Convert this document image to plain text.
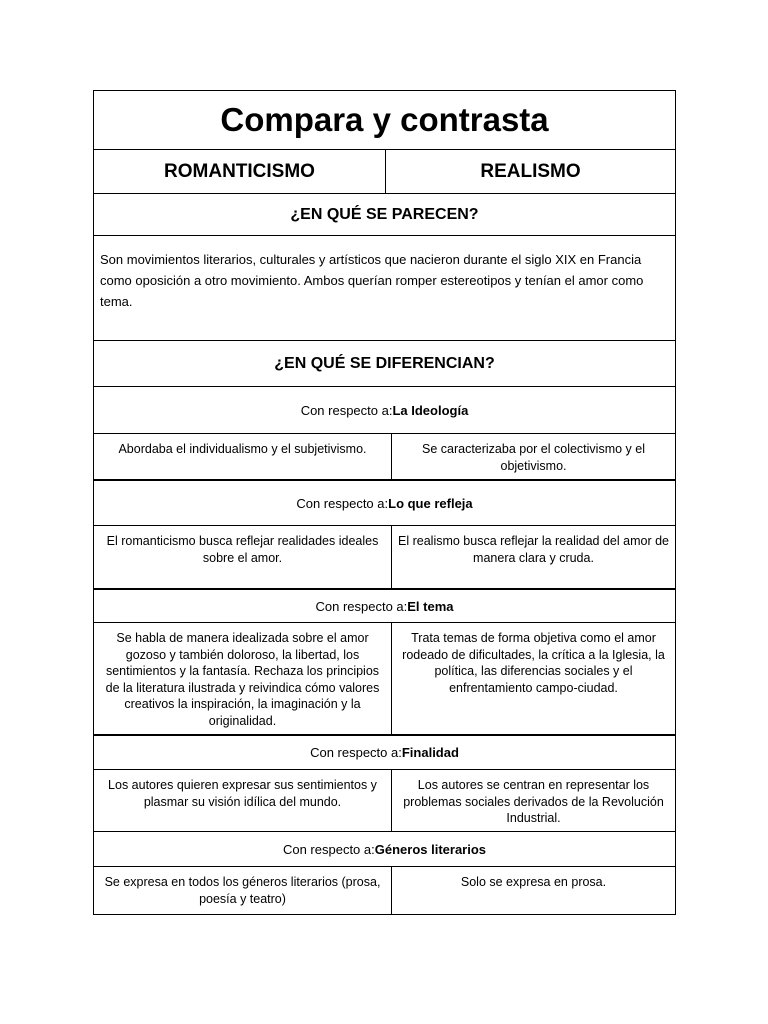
Compara y contrasta
ROMANTICISMO	REALISMO
¿EN QUÉ SE PARECEN?
Son movimientos literarios, culturales y artísticos que nacieron durante el siglo XIX en Francia como oposición a otro movimiento. Ambos querían romper estereotipos y tenían el amor como tema.
¿EN QUÉ SE DIFERENCIAN?
Con respecto a: La Ideología
Abordaba el individualismo y el subjetivismo.	Se caracterizaba por el colectivismo y el objetivismo.
Con respecto a: Lo que refleja
El romanticismo busca reflejar realidades ideales sobre el amor.
El realismo busca reflejar la realidad del amor de manera clara y cruda.
Con respecto a: El tema
Se habla de manera idealizada sobre el amor gozoso y también doloroso, la libertad, los sentimientos y la fantasía. Rechaza los principios de la literatura ilustrada y reivindica cómo valores creativos la inspiración, la imaginación y la originalidad.
Trata temas de forma objetiva como el amor rodeado de dificultades, la crítica a la Iglesia, la política, las diferencias sociales y el enfrentamiento campo-ciudad.
Con respecto a: Finalidad
Los autores quieren expresar sus sentimientos y plasmar su visión idílica del mundo.
Los autores se centran en representar los problemas sociales derivados de la Revolución Industrial.
Con respecto a: Géneros literarios
Se expresa en todos los géneros literarios (prosa, poesía y teatro)
Solo se expresa en prosa.
